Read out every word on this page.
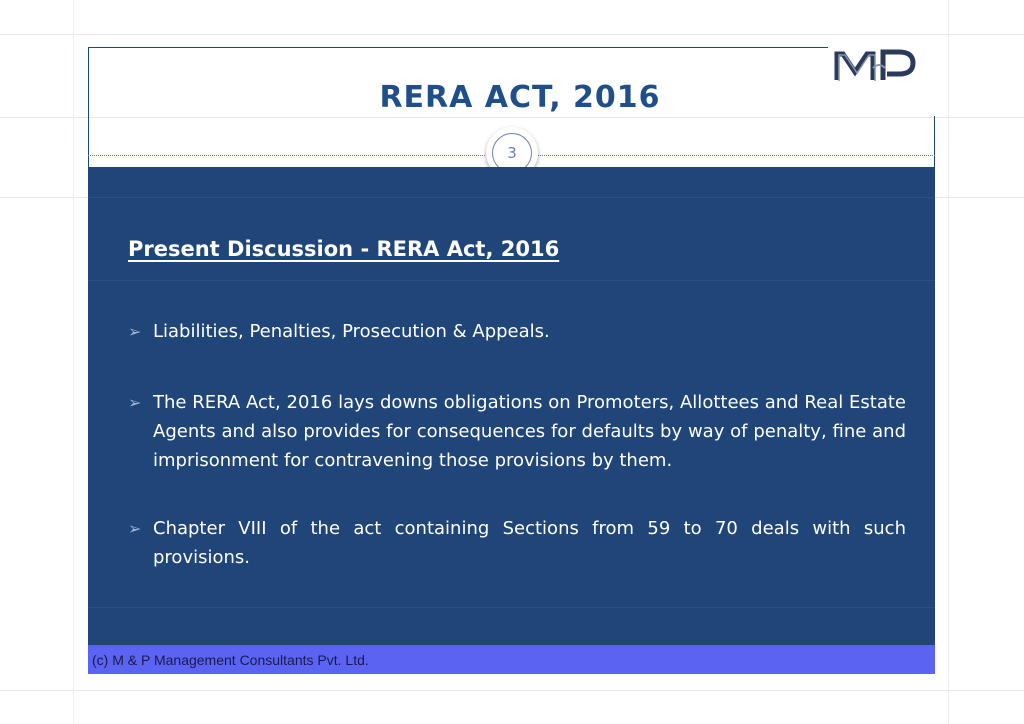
RERA ACT, 2016
3
Present Discussion - RERA Act, 2016
➢ Liabilities, Penalties, Prosecution & Appeals.
➢ The RERA Act, 2016 lays downs obligations on Promoters, Allottees and Real Estate Agents and also provides for consequences for defaults by way of penalty, fine and imprisonment for contravening those provisions by them.
➢ Chapter VIII of the act containing Sections from 59 to 70 deals with such provisions.
(c) M & P Management Consultants Pvt. Ltd.
